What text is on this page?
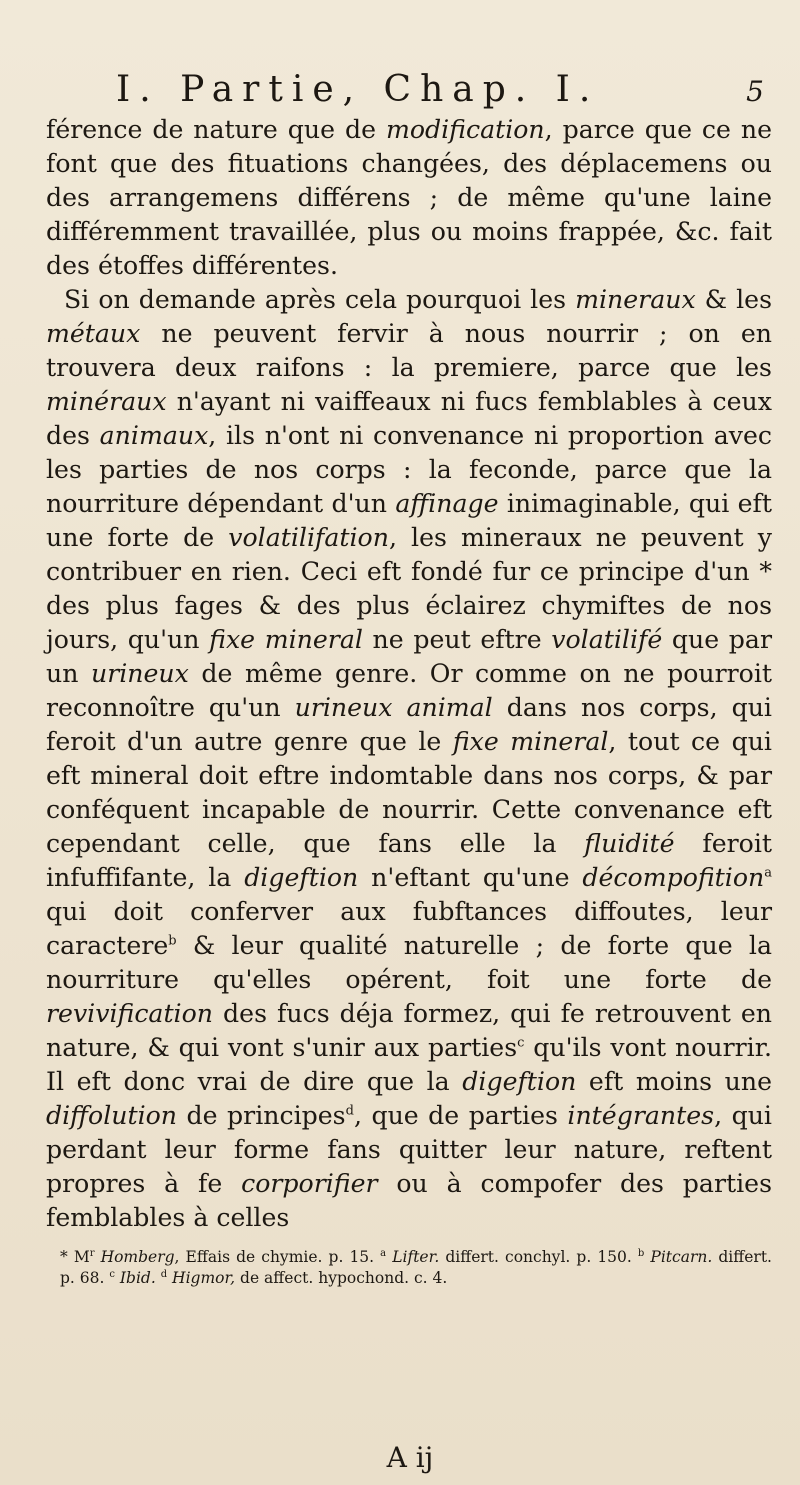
I. Partie, Chap. I.	5

férence de nature que de modification, parce que ce ne font que des fituations changées, des déplacemens ou des arrangemens différens ; de même qu'une laine différemment travaillée, plus ou moins frappée, &c. fait des étoffes différentes.

Si on demande après cela pourquoi les mineraux & les métaux ne peuvent fervir à nous nourrir ; on en trouvera deux raifons : la premiere, parce que les minéraux n'ayant ni vaiffeaux ni fucs femblables à ceux des animaux, ils n'ont ni convenance ni proportion avec les parties de nos corps : la feconde, parce que la nourriture dépendant d'un affinage inimaginable, qui eft une forte de volatilifation, les mineraux ne peuvent y contribuer en rien. Ceci eft fondé fur ce principe d'un * des plus fages & des plus éclairez chymiftes de nos jours, qu'un fixe mineral ne peut eftre volatilifé que par un urineux de même genre. Or comme on ne pourroit reconnoître qu'un urineux animal dans nos corps, qui feroit d'un autre genre que le fixe mineral, tout ce qui eft mineral doit eftre indomtable dans nos corps, & par conféquent incapable de nourrir. Cette convenance eft cependant celle, que fans elle la fluidité feroit infuffifante, la digeftion n'eftant qu'une décompofition$^a$ qui doit conferver aux fubftances diffoutes, leur caractere$^b$ & leur qualité naturelle ; de forte que la nourriture qu'elles opérent, foit une forte de revivification des fucs déja formez, qui fe retrouvent en nature, & qui vont s'unir aux parties$^c$ qu'ils vont nourrir. Il eft donc vrai de dire que la digeftion eft moins une diffolution de principes$^d$, que de parties intégrantes, qui perdant leur forme fans quitter leur nature, reftent propres à fe corporifier ou à compofer des parties femblables à celles

* $M^r$ Homberg, Effais de chymie. p. 15. $^a$ Lifter. differt. conchyl. p. 150. $^b$ Pitcarn. differt. p. 68. $^c$ Ibid. $^d$ Higmor, de affect. hypochond. c. 4.
A ij
